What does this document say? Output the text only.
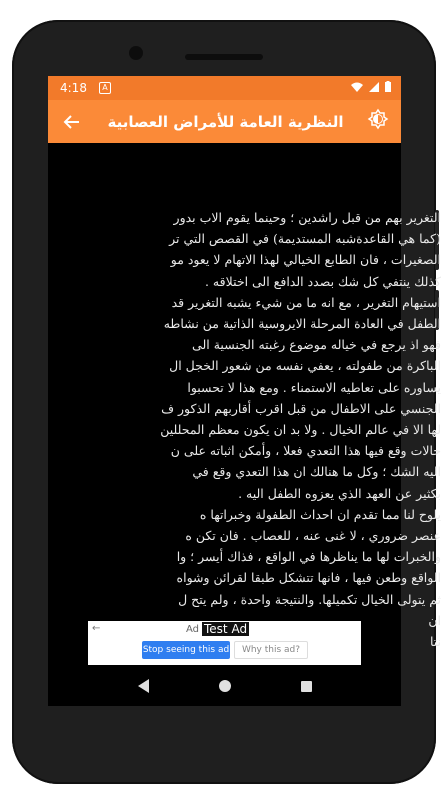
4:18	A
النظرية العامة للأمراض العصابية
التغرير بهم من قبل راشدين ؛ وحينما يقوم الاب بدور
(كما هي القاعدةشبه المستديمة) في القصص التي تر
الصغيرات ، فان الطابع الخيالي لهذا الاتهام لا يعود مو
كذلك ينتفي كل شك بصدد الدافع الى اختلاقه .
استيهام التغرير ، مع انه ما من شيء يشبه التغرير قد
الطفل في العادة المرحلة الايروسية الذاتية من نشاطه
فهو اذ يرجع في خياله موضوع رغبته الجنسية الى
الباكرة من طفولته ، يعفي نفسه من شعور الخجل ال
يساوره على تعاطيه الاستمناء . ومع هذا لا تحسبوا
الجنسي على الاطفال من قبل اقرب أقاربهم الذكور ف
لها الا في عالم الخيال . ولا بد ان يكون معظم المحللين
حالات وقع فيها هذا التعدي فعلا ، وأمكن اثباته على ن
اليه الشك ؛ وكل ما هنالك ان هذا التعدي وقع في
بكثير عن العهد الذي يعزوه الطفل اليه .
يلوح لنا مما تقدم ان احداث الطفولة وخبراتها ه
عنصر ضروري ، لا غنى عنه ، للعصاب . فان تكن ه
والخبرات لها ما يناظرها في الواقع ، فذاك أيسر ؛ وا
الواقع وطعن فيها ، فانها تتشكل طبقا لقرائن وشواه
ثم يتولى الخيال تكميلها. والنتيجة واحدة ، ولم يتح ل
ان
نتا
←	Ad Test Ad
Stop seeing this ad	Why this ad?
